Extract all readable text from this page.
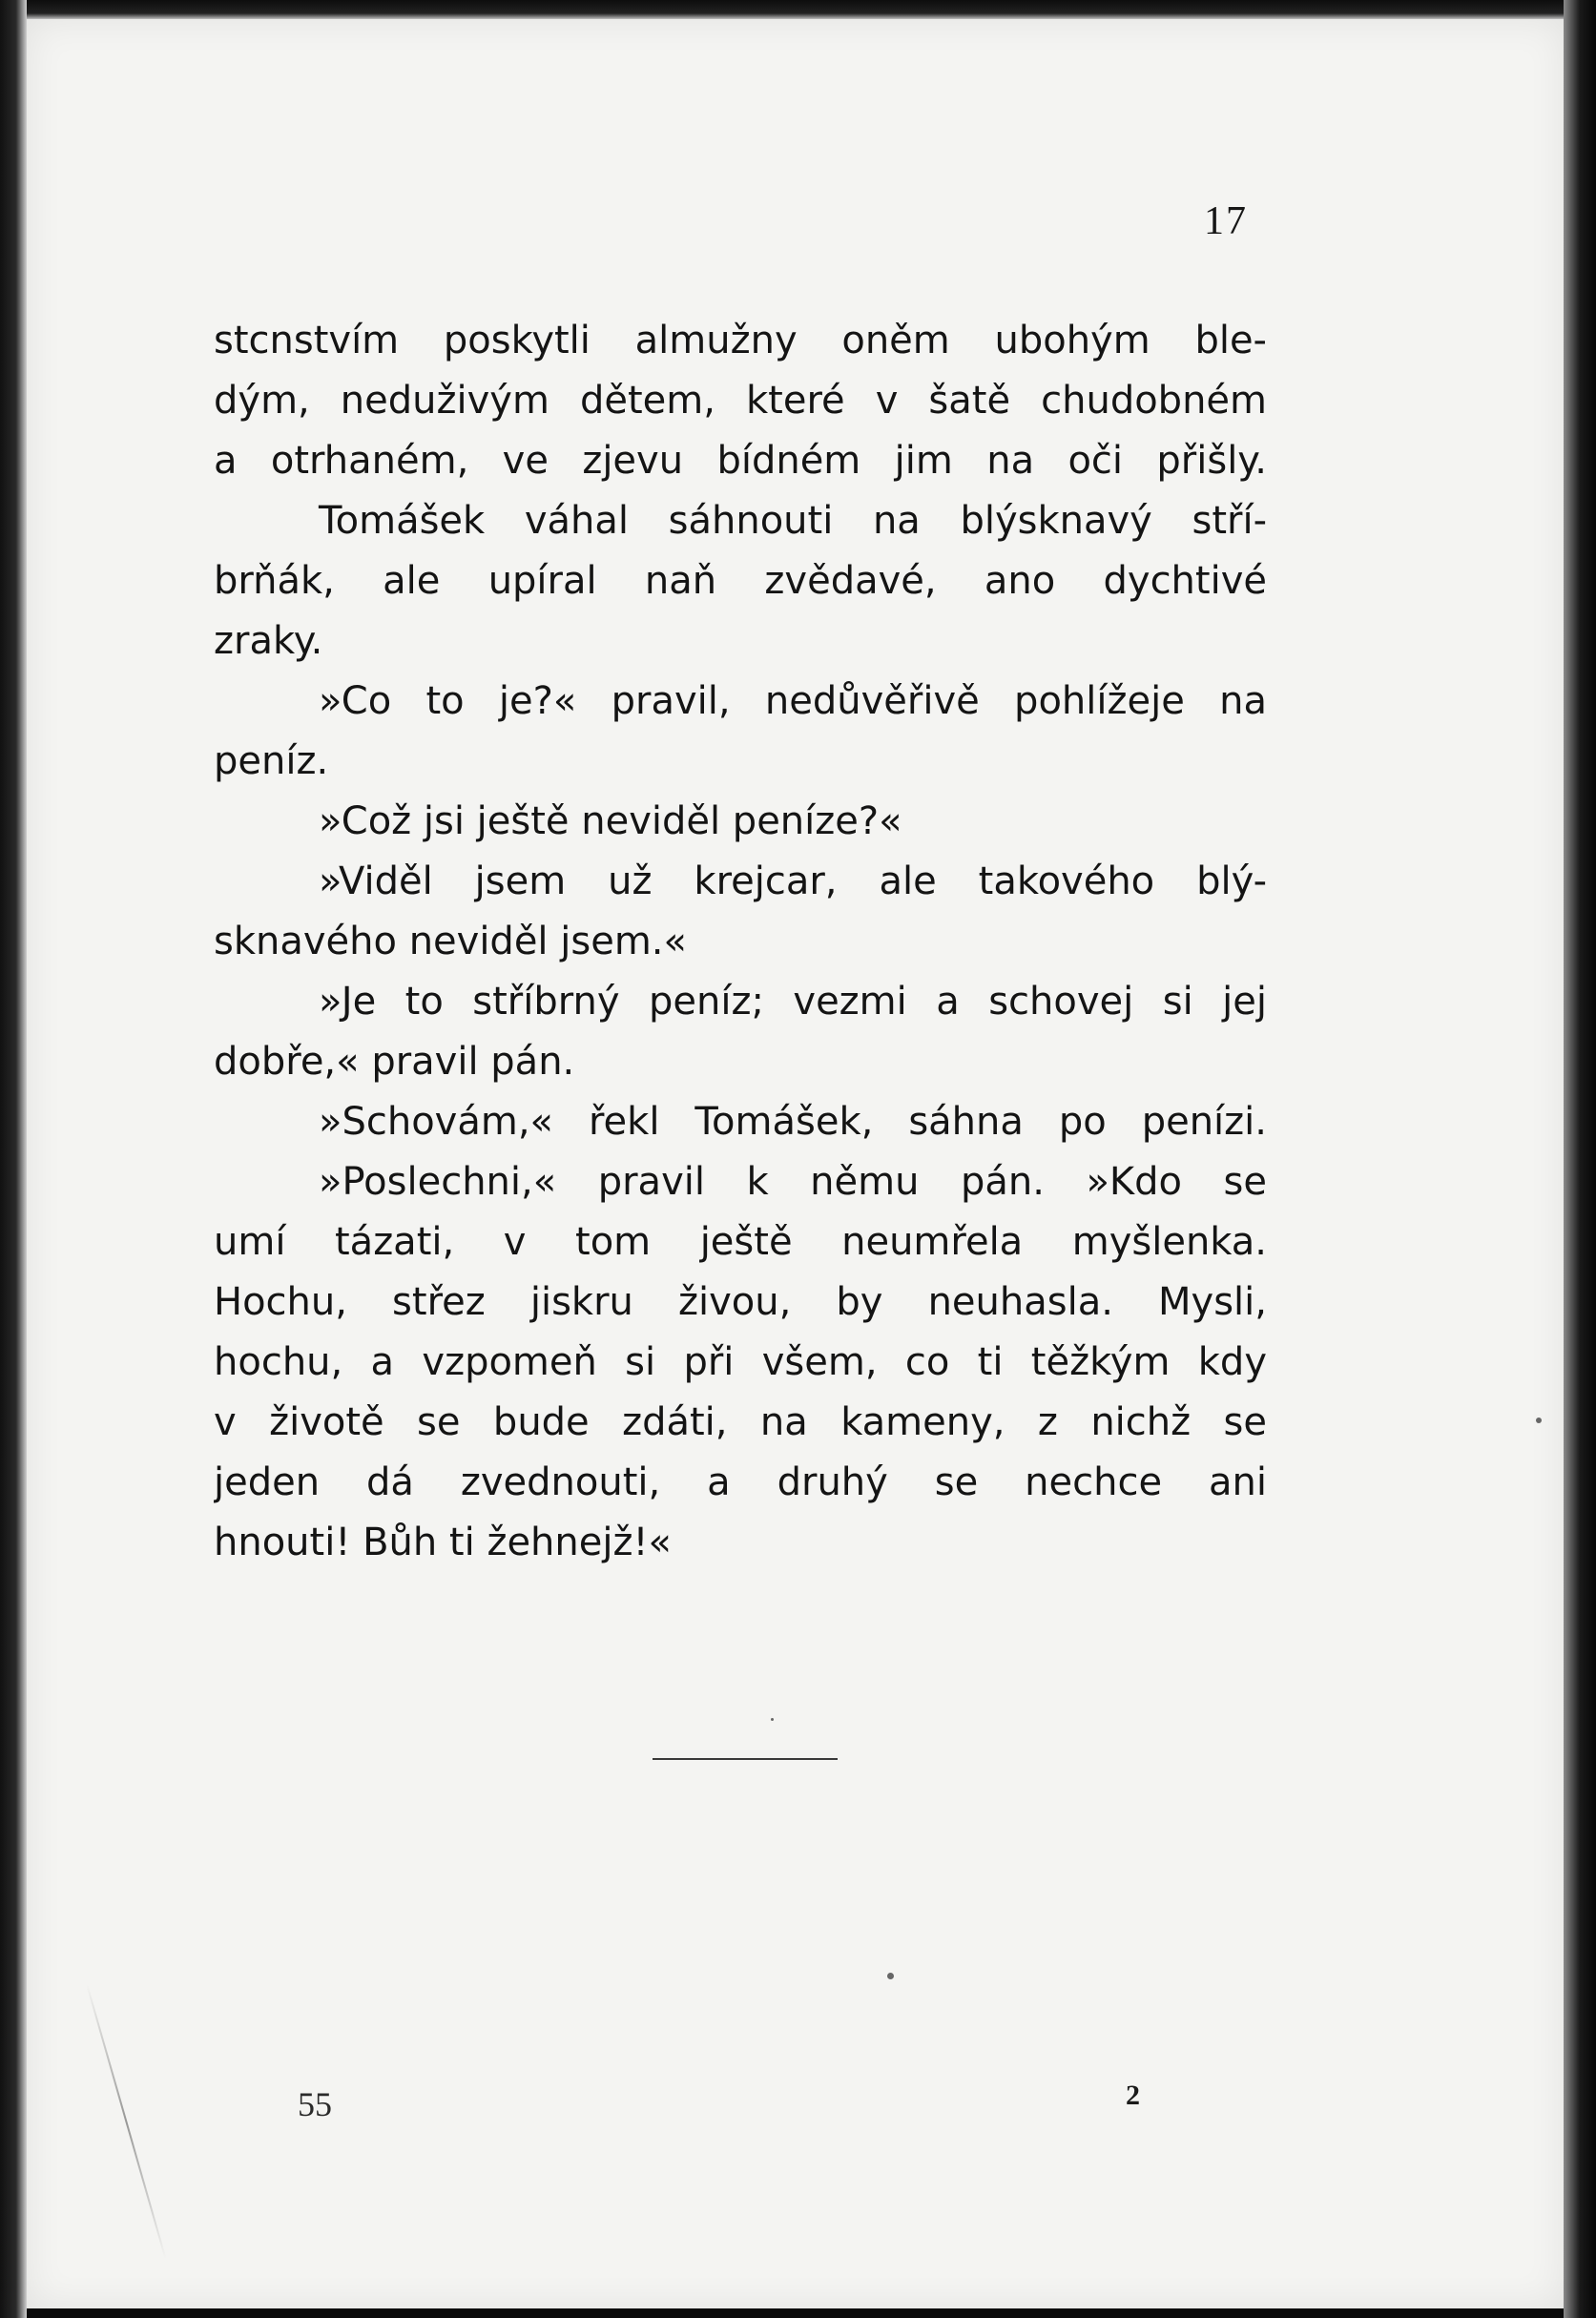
17
stcnstvím poskytli almužny oněm ubohým ble-
dým, neduživým dětem, které v šatě chudobném
a otrhaném, ve zjevu bídném jim na oči přišly.
Tomášek váhal sáhnouti na blýsknavý stří-
brňák, ale upíral naň zvědavé, ano dychtivé
zraky.
»Co to je?« pravil, nedůvěřivě pohlížeje na
peníz.
»Což jsi ještě neviděl peníze?«
»Viděl jsem už krejcar, ale takového blý-
sknavého neviděl jsem.«
»Je to stříbrný peníz; vezmi a schovej si jej
dobře,« pravil pán.
»Schovám,« řekl Tomášek, sáhna po penízi.
»Poslechni,« pravil k němu pán. »Kdo se
umí tázati, v tom ještě neumřela myšlenka.
Hochu, střez jiskru živou, by neuhasla. Mysli,
hochu, a vzpomeň si při všem, co ti těžkým kdy
v životě se bude zdáti, na kameny, z nichž se
jeden dá zvednouti, a druhý se nechce ani
hnouti! Bůh ti žehnejž!«
55	2
